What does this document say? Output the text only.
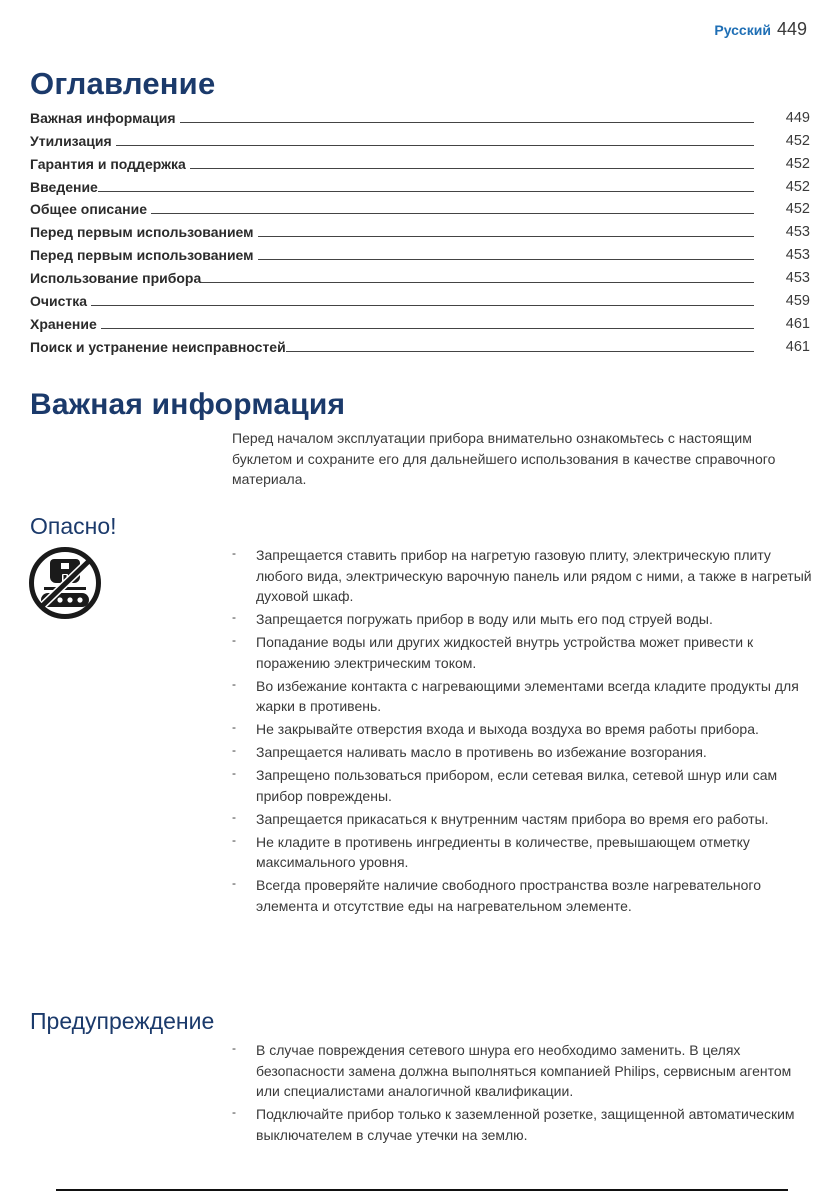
Русский 449
Оглавление
Важная информация	449
Утилизация	452
Гарантия и поддержка	452
Введение	452
Общее описание	452
Перед первым использованием	453
Перед первым использованием	453
Использование прибора	453
Очистка	459
Хранение	461
Поиск и устранение неисправностей	461
Важная информация

Перед началом эксплуатации прибора внимательно ознакомьтесь с настоящим буклетом и сохраните его для дальнейшего использования в качестве справочного материала.

Опасно!
- Запрещается ставить прибор на нагретую газовую плиту, электрическую плиту любого вида, электрическую варочную панель или рядом с ними, а также в нагретый духовой шкаф.
- Запрещается погружать прибор в воду или мыть его под струей воды.
- Попадание воды или других жидкостей внутрь устройства может привести к поражению электрическим током.
- Во избежание контакта с нагревающими элементами всегда кладите продукты для жарки в противень.
- Не закрывайте отверстия входа и выхода воздуха во время работы прибора.
- Запрещается наливать масло в противень во избежание возгорания.
- Запрещено пользоваться прибором, если сетевая вилка, сетевой шнур или сам прибор повреждены.
- Запрещается прикасаться к внутренним частям прибора во время его работы.
- Не кладите в противень ингредиенты в количестве, превышающем отметку максимального уровня.
- Всегда проверяйте наличие свободного пространства возле нагревательного элемента и отсутствие еды на нагревательном элементе.
Предупреждение
- В случае повреждения сетевого шнура его необходимо заменить. В целях безопасности замена должна выполняться компанией Philips, сервисным агентом или специалистами аналогичной квалификации.
- Подключайте прибор только к заземленной розетке, защищенной автоматическим выключателем в случае утечки на землю.
